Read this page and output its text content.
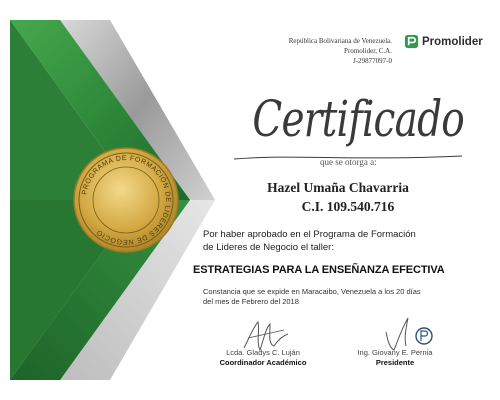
PROGRAMA DE FORMACIÓN DE LIDERES DE NEGOCIO
República Bolivariana de Venezuela.
Promolider, C.A.
J-29877097-0
Promolider
Certificado
que se otorga a:
Hazel Umaña Chavarria
C.I. 109.540.716
Por haber aprobado en el Programa de Formación
de Lideres de Negocio el taller:
ESTRATEGIAS PARA LA ENSEÑANZA EFECTIVA
Constancia que se expide en Maracaibo, Venezuela a los 20 días
del mes de Febrero del 2018
Lcda. Gladys C. Luján
Coordinador Académico
Ing. Giovany E. Pernia
Presidente
